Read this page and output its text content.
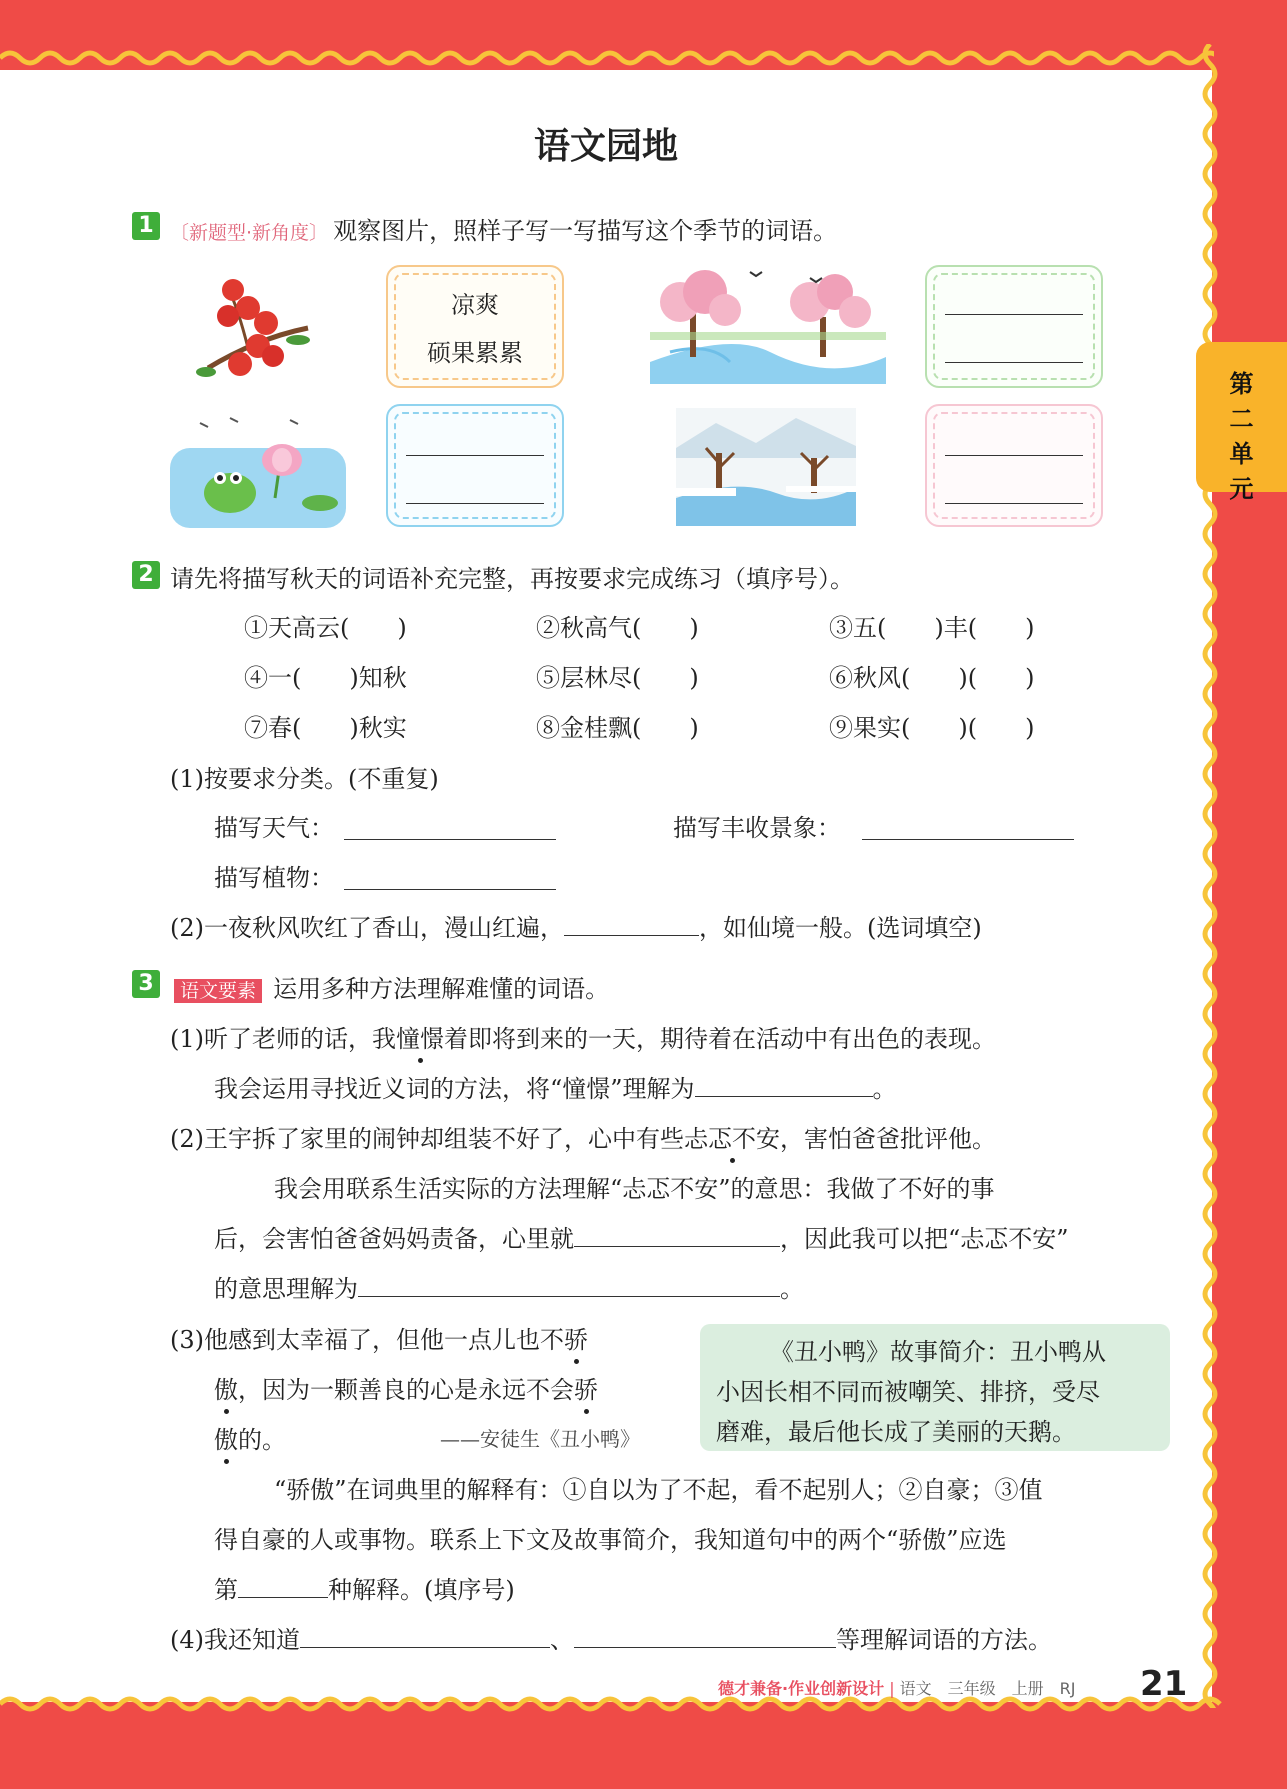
第
二
单
元
语文园地
1 〔新题型·新角度〕 观察图片，照样子写一写描写这个季节的词语。
凉爽
硕果累累
2 请先将描写秋天的词语补充完整，再按要求完成练习（填序号）。
①天高云(　　)	②秋高气(　　)	③五(　　)丰(　　)
④一(　　)知秋	⑤层林尽(　　)	⑥秋风(　　)(　　)
⑦春(　　)秋实	⑧金桂飘(　　)	⑨果实(　　)(　　)
(1)按要求分类。(不重复)
描写天气：	描写丰收景象：
描写植物：
(2)一夜秋风吹红了香山，漫山红遍，	，如仙境一般。(选词填空)
3	语文要素 运用多种方法理解难懂的词语。
(1)听了老师的话，我憧憬着即将到来的一天，期待着在活动中有出色的表现。
我会运用寻找近义词的方法，将“憧憬”理解为	。
(2)王宇拆了家里的闹钟却组装不好了，心中有些忐忑不安，害怕爸爸批评他。
我会用联系生活实际的方法理解“忐忑不安”的意思：我做了不好的事
后，会害怕爸爸妈妈责备，心里就	，因此我可以把“忐忑不安”
的意思理解为	。
(3)他感到太幸福了，但他一点儿也不骄
傲，因为一颗善良的心是永远不会骄
傲的。	——安徒生《丑小鸭》
《丑小鸭》故事简介：丑小鸭从
小因长相不同而被嘲笑、排挤，受尽
磨难，最后他长成了美丽的天鹅。
“骄傲”在词典里的解释有：①自以为了不起，看不起别人；②自豪；③值
得自豪的人或事物。联系上下文及故事简介，我知道句中的两个“骄傲”应选
第	种解释。(填序号)
(4)我还知道	、	等理解词语的方法。
德才兼备·作业创新设计 | 语文　三年级　上册　RJ 21
